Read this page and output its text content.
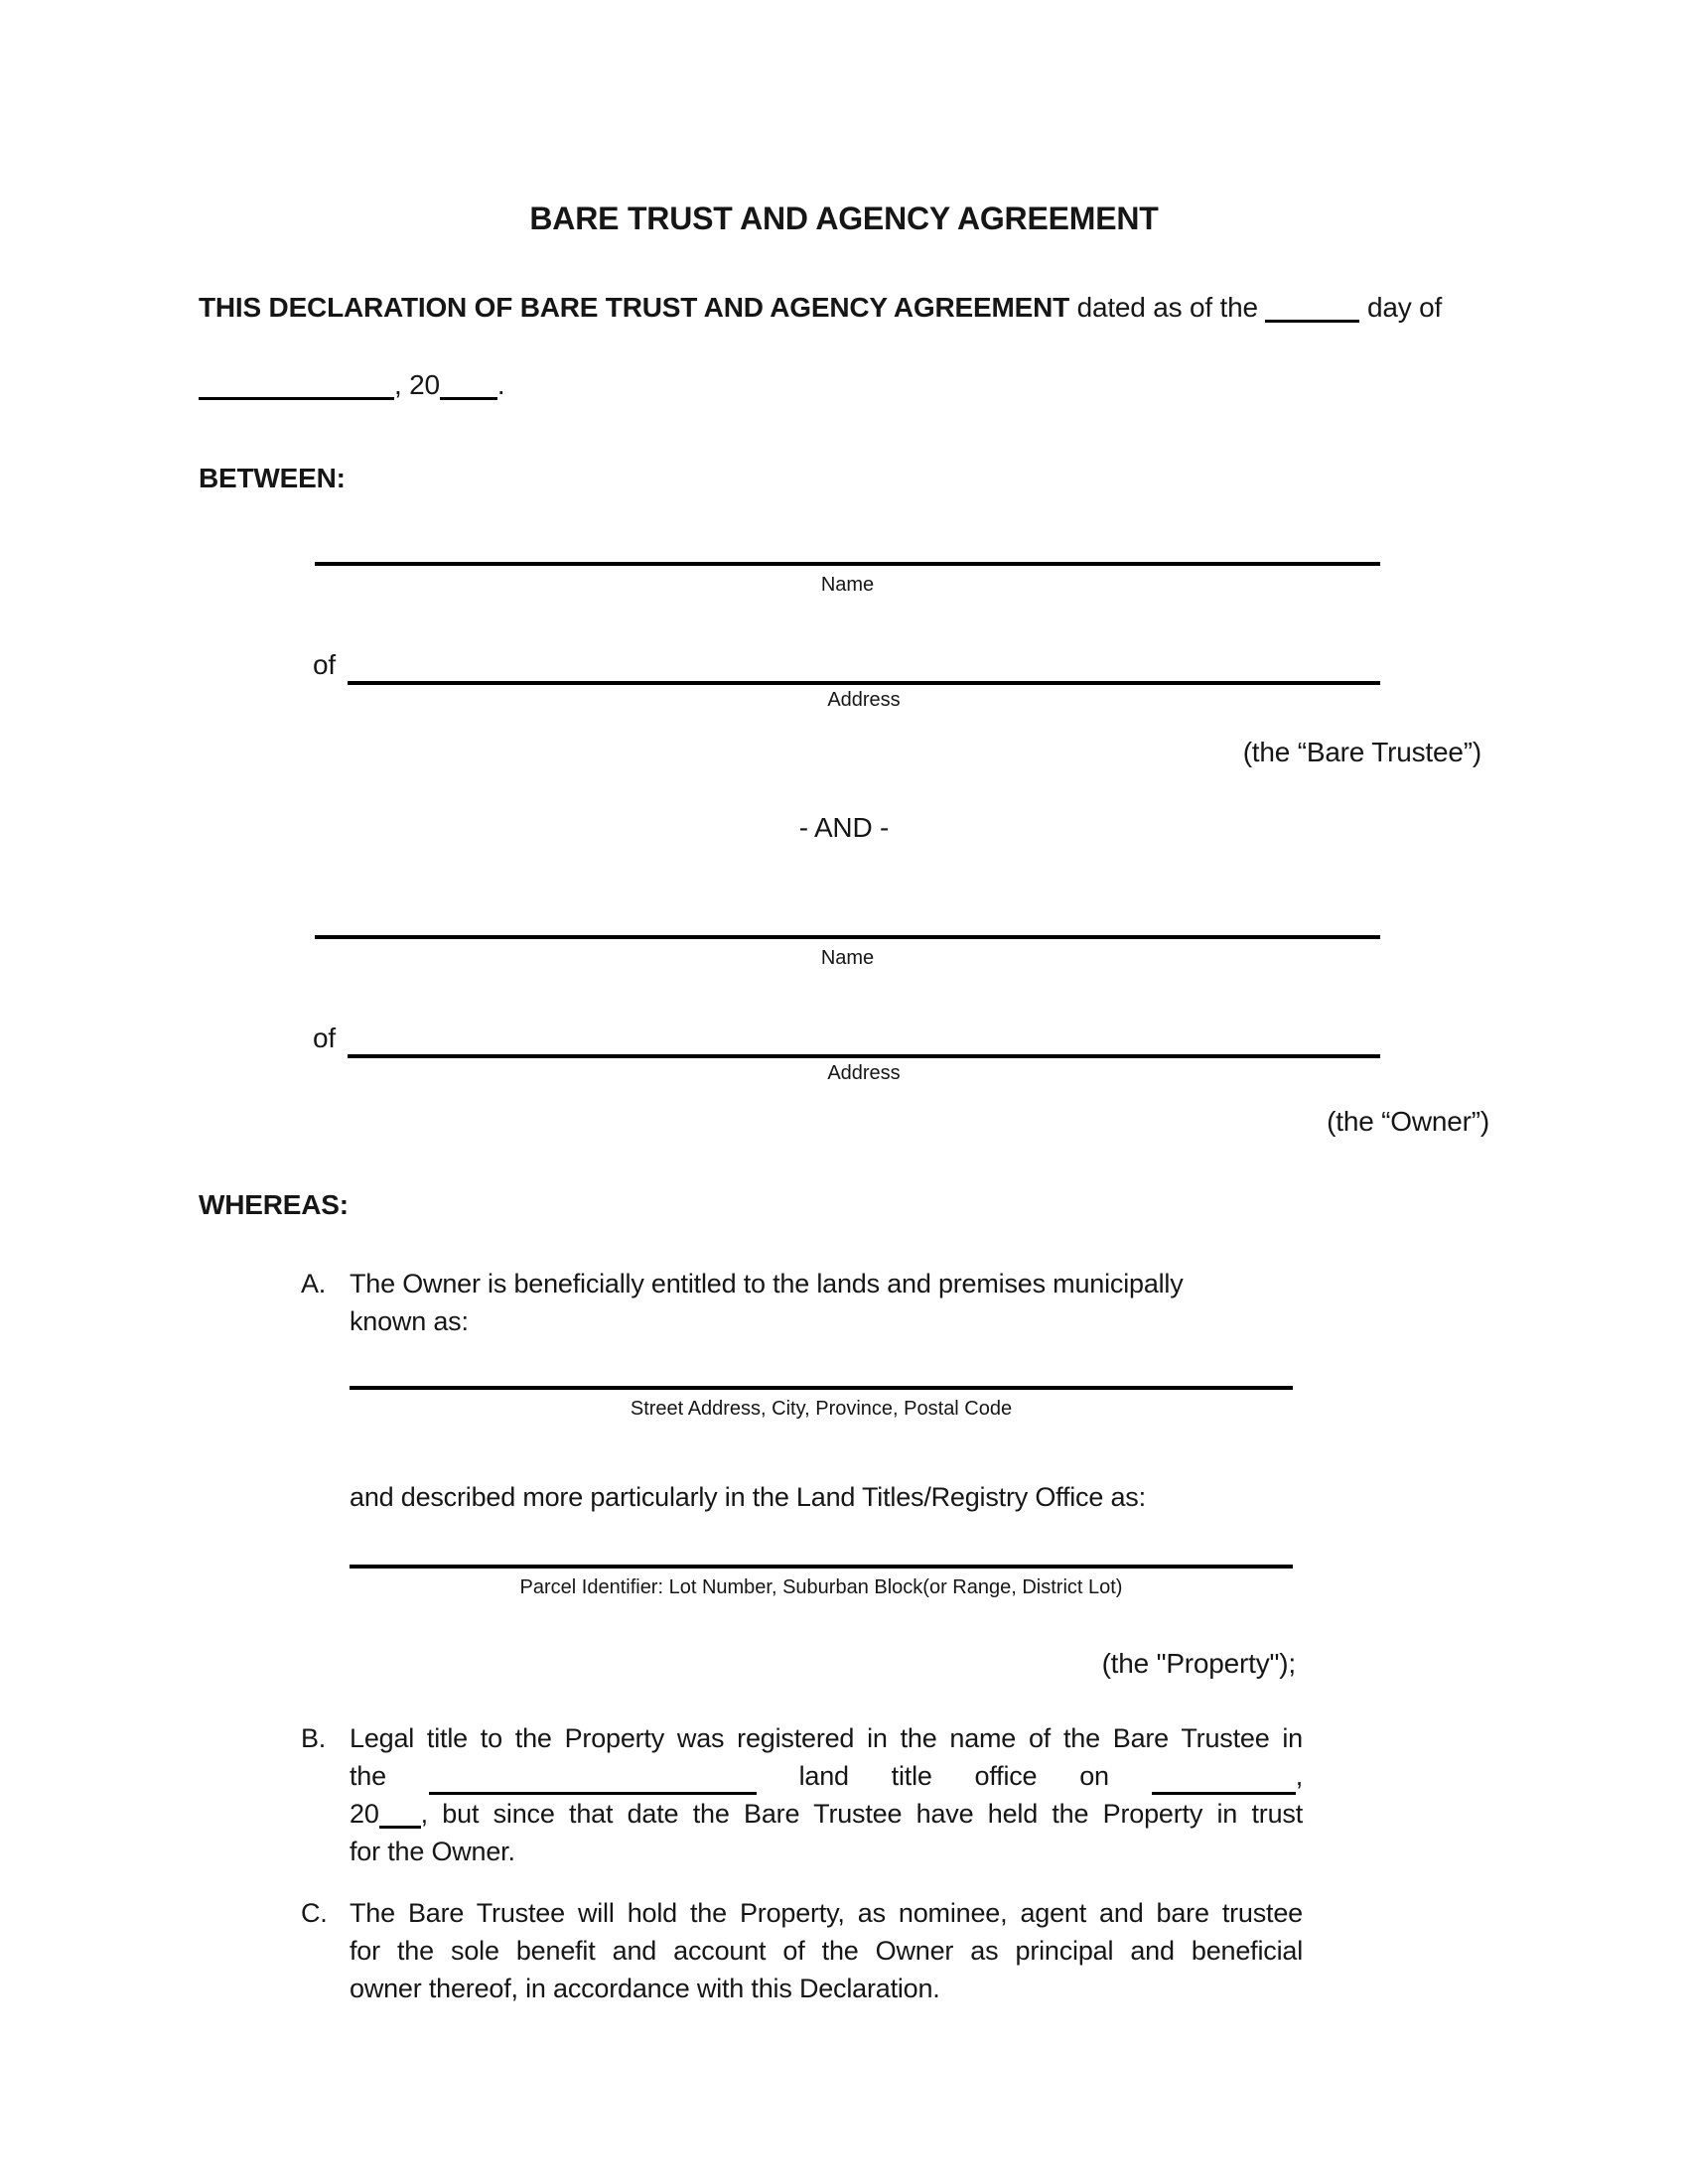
BARE TRUST AND AGENCY AGREEMENT
THIS DECLARATION OF BARE TRUST AND AGENCY AGREEMENT dated as of the	day of
, 20 .
BETWEEN:
Name
of
Address
(the “Bare Trustee”)
- AND -
Name
of
Address
(the “Owner”)
WHEREAS:
A. The Owner is beneficially entitled to the lands and premises municipally
known as:
Street Address, City, Province, Postal Code
and described more particularly in the Land Titles/Registry Office as:
Parcel Identifier: Lot Number, Suburban Block(or Range, District Lot)
(the "Property");
B. Legal title to the Property was registered in the name of the Bare Trustee in
the	land title office on	,
20 , but since that date the Bare Trustee have held the Property in trust
for the Owner.
C. The Bare Trustee will hold the Property, as nominee, agent and bare trustee
for the sole benefit and account of the Owner as principal and beneficial
owner thereof, in accordance with this Declaration.
